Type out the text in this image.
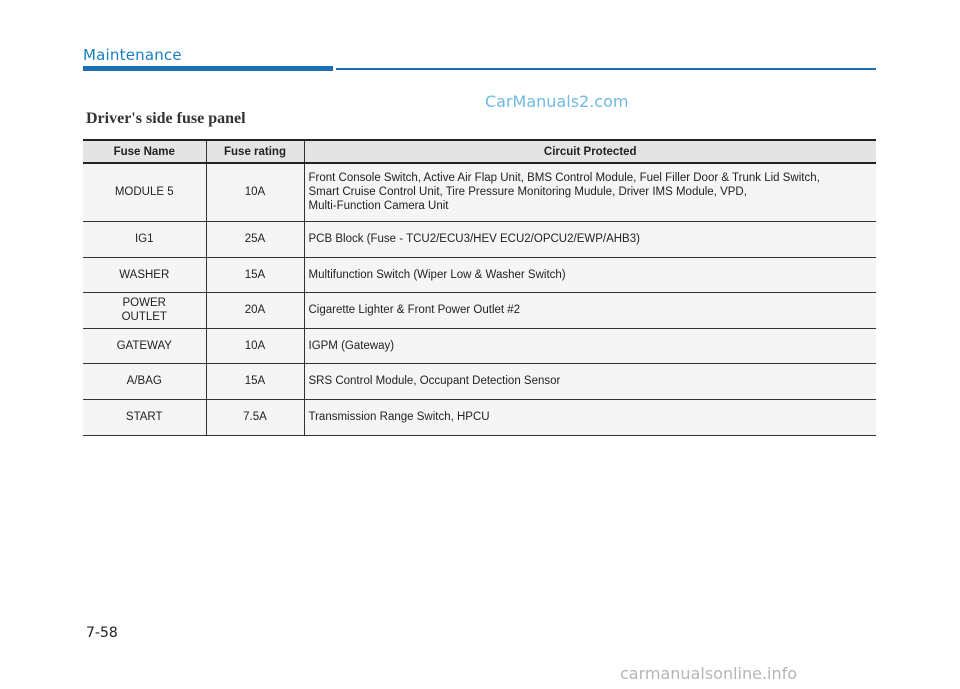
Maintenance
CarManuals2.com
Driver's side fuse panel
Fuse Name	Fuse rating	Circuit Protected
MODULE 5	10A	Front Console Switch, Active Air Flap Unit, BMS Control Module, Fuel Filler Door & Trunk Lid Switch,
Smart Cruise Control Unit, Tire Pressure Monitoring Mudule, Driver IMS Module, VPD,
Multi-Function Camera Unit

IG1	25A	PCB Block (Fuse - TCU2/ECU3/HEV ECU2/OPCU2/EWP/AHB3)

WASHER	15A	Multifunction Switch (Wiper Low & Washer Switch)

POWER
OUTLET	20A	Cigarette Lighter & Front Power Outlet #2

GATEWAY	10A	IGPM (Gateway)

A/BAG	15A	SRS Control Module, Occupant Detection Sensor

START	7.5A	Transmission Range Switch, HPCU
7-58
carmanualsonline.info
